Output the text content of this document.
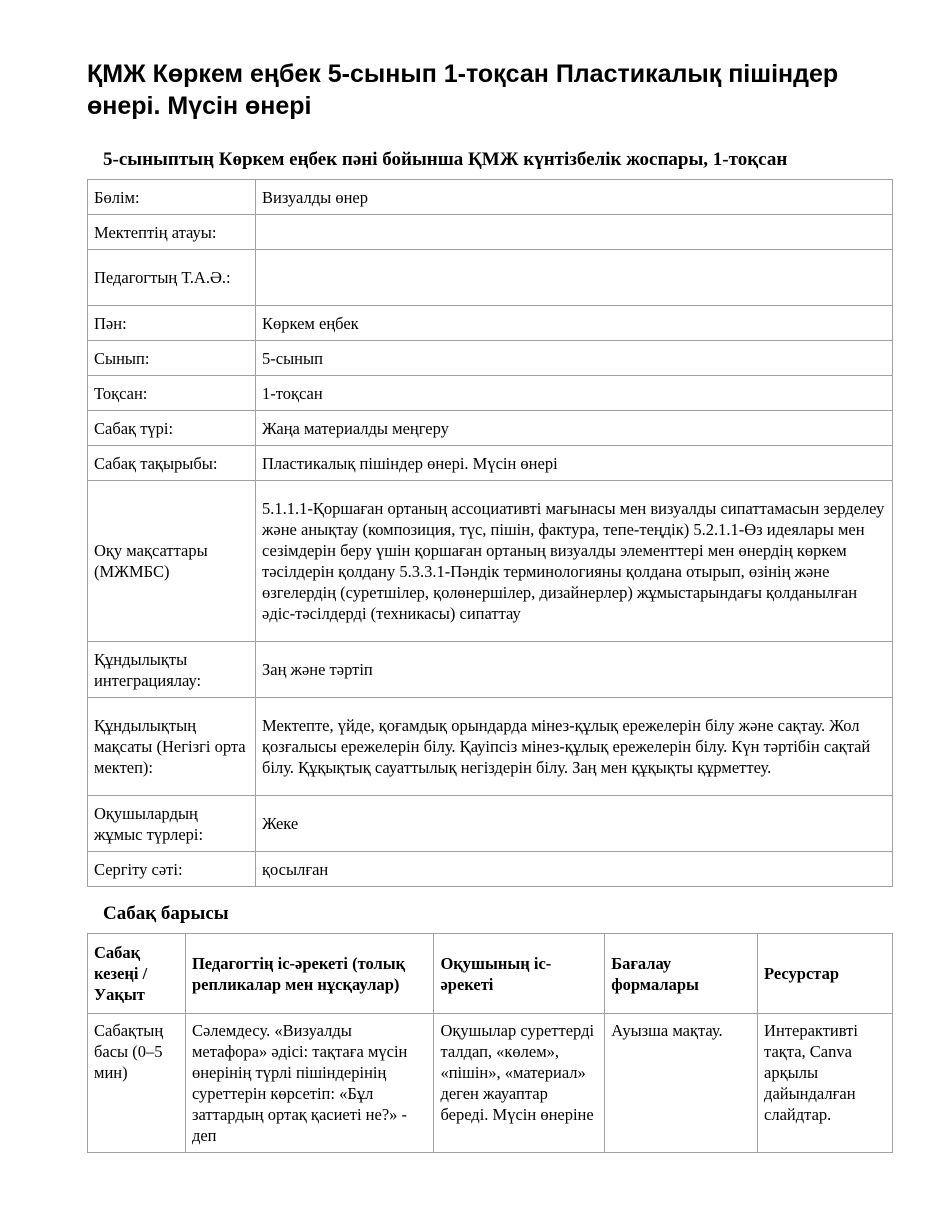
ҚМЖ Көркем еңбек 5-сынып 1-тоқсан Пластикалық пішіндер өнері. Мүсін өнері
5-сыныптың Көркем еңбек пәні бойынша ҚМЖ күнтізбелік жоспары, 1-тоқсан
Бөлім:	Визуалды өнер
Мектептің атауы:	
Педагогтың Т.А.Ә.:	
Пән:	Көркем еңбек
Сынып:	5-сынып
Тоқсан:	1-тоқсан
Сабақ түрі:	Жаңа материалды меңгеру
Сабақ тақырыбы:	Пластикалық пішіндер өнері. Мүсін өнері
Оқу мақсаттары (МЖМБС)	5.1.1.1-Қоршаған ортаның ассоциативті мағынасы мен визуалды сипаттамасын зерделеу және анықтау (композиция, түс, пішін, фактура, тепе-теңдік) 5.2.1.1-Өз идеялары мен сезімдерін беру үшін қоршаған ортаның визуалды элементтері мен өнердің көркем тәсілдерін қолдану 5.3.3.1-Пәндік терминологияны қолдана отырып, өзінің және өзгелердің (суретшілер, қолөнершілер, дизайнерлер) жұмыстарындағы қолданылған әдіс-тәсілдерді (техникасы) сипаттау
Құндылықты интеграциялау:	Заң және тәртіп
Құндылықтың мақсаты (Негізгі орта мектеп):	Мектепте, үйде, қоғамдық орындарда мінез-құлық ережелерін білу және сақтау. Жол қозғалысы ережелерін білу. Қауіпсіз мінез-құлық ережелерін білу. Күн тәртібін сақтай білу. Құқықтық сауаттылық негіздерін білу. Заң мен құқықты құрметтеу.
Оқушылардың жұмыс түрлері:	Жеке
Сергіту сәті:	қосылған
Сабақ барысы
Сабақ кезеңі / Уақыт	Педагогтің іс-әрекеті (толық репликалар мен нұсқаулар)	Оқушының іс-әрекеті	Бағалау формалары	Ресурстар

Сабақтың басы (0–5 мин)	Сәлемдесу. «Визуалды метафора» әдісі: тақтаға мүсін өнерінің түрлі пішіндерінің суреттерін көрсетіп: «Бұл заттардың ортақ қасиеті не?» - деп	Оқушылар суреттерді талдап, «көлем», «пішін», «материал» деген жауаптар береді. Мүсін өнеріне	Ауызша мақтау.	Интерактивті тақта, Canva арқылы дайындалған слайдтар.
